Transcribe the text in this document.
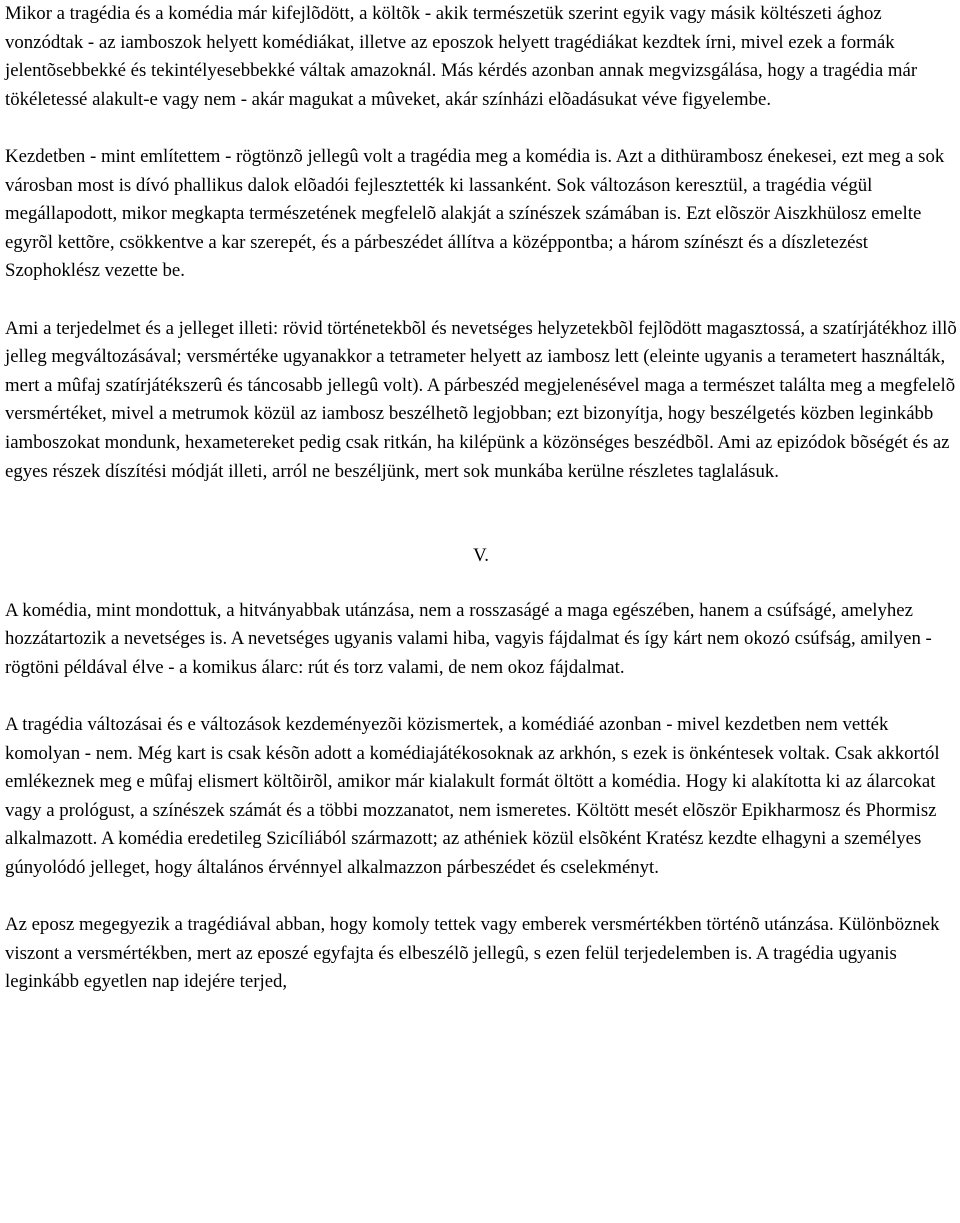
Mikor a tragédia és a komédia már kifejlõdött, a költõk - akik természetük szerint egyik vagy másik költészeti ághoz vonzódtak - az iamboszok helyett komédiákat, illetve az eposzok helyett tragédiákat kezdtek írni, mivel ezek a formák jelentõsebbekké és tekintélyesebbekké váltak amazoknál. Más kérdés azonban annak megvizsgálása, hogy a tragédia már tökéletessé alakult-e vagy nem - akár magukat a mûveket, akár színházi elõadásukat véve figyelembe.

Kezdetben - mint említettem - rögtönzõ jellegû volt a tragédia meg a komédia is. Azt a dithürambosz énekesei, ezt meg a sok városban most is dívó phallikus dalok elõadói fejlesztették ki lassanként. Sok változáson keresztül, a tragédia végül megállapodott, mikor megkapta természetének megfelelõ alakját a színészek számában is. Ezt elõször Aiszkhülosz emelte egyrõl kettõre, csökkentve a kar szerepét, és a párbeszédet állítva a középpontba; a három színészt és a díszletezést Szophoklész vezette be.

Ami a terjedelmet és a jelleget illeti: rövid történetekbõl és nevetséges helyzetekbõl fejlõdött magasztossá, a szatírjátékhoz illõ jelleg megváltozásával; versmértéke ugyanakkor a tetrameter helyett az iambosz lett (eleinte ugyanis a terametert használták, mert a mûfaj szatírjátékszerû és táncosabb jellegû volt). A párbeszéd megjelenésével maga a természet találta meg a megfelelõ versmértéket, mivel a metrumok közül az iambosz beszélhetõ legjobban; ezt bizonyítja, hogy beszélgetés közben leginkább iamboszokat mondunk, hexametereket pedig csak ritkán, ha kilépünk a közönséges beszédbõl. Ami az epizódok bõségét és az egyes részek díszítési módját illeti, arról ne beszéljünk, mert sok munkába kerülne részletes taglalásuk.

V.

A komédia, mint mondottuk, a hitványabbak utánzása, nem a rosszaságé a maga egészében, hanem a csúfságé, amelyhez hozzátartozik a nevetséges is. A nevetséges ugyanis valami hiba, vagyis fájdalmat és így kárt nem okozó csúfság, amilyen - rögtöni példával élve - a komikus álarc: rút és torz valami, de nem okoz fájdalmat.

A tragédia változásai és e változások kezdeményezõi közismertek, a komédiáé azonban - mivel kezdetben nem vették komolyan - nem. Még kart is csak késõn adott a komédiajátékosoknak az arkhón, s ezek is önkéntesek voltak. Csak akkortól emlékeznek meg e mûfaj elismert költõirõl, amikor már kialakult formát öltött a komédia. Hogy ki alakította ki az álarcokat vagy a prológust, a színészek számát és a többi mozzanatot, nem ismeretes. Költött mesét elõször Epikharmosz és Phormisz alkalmazott. A komédia eredetileg Szicíliából származott; az athéniek közül elsõként Kratész kezdte elhagyni a személyes gúnyolódó jelleget, hogy általános érvénnyel alkalmazzon párbeszédet és cselekményt.

Az eposz megegyezik a tragédiával abban, hogy komoly tettek vagy emberek versmértékben történõ utánzása. Különböznek viszont a versmértékben, mert az eposzé egyfajta és elbeszélõ jellegû, s ezen felül terjedelemben is. A tragédia ugyanis leginkább egyetlen nap idejére terjed,
